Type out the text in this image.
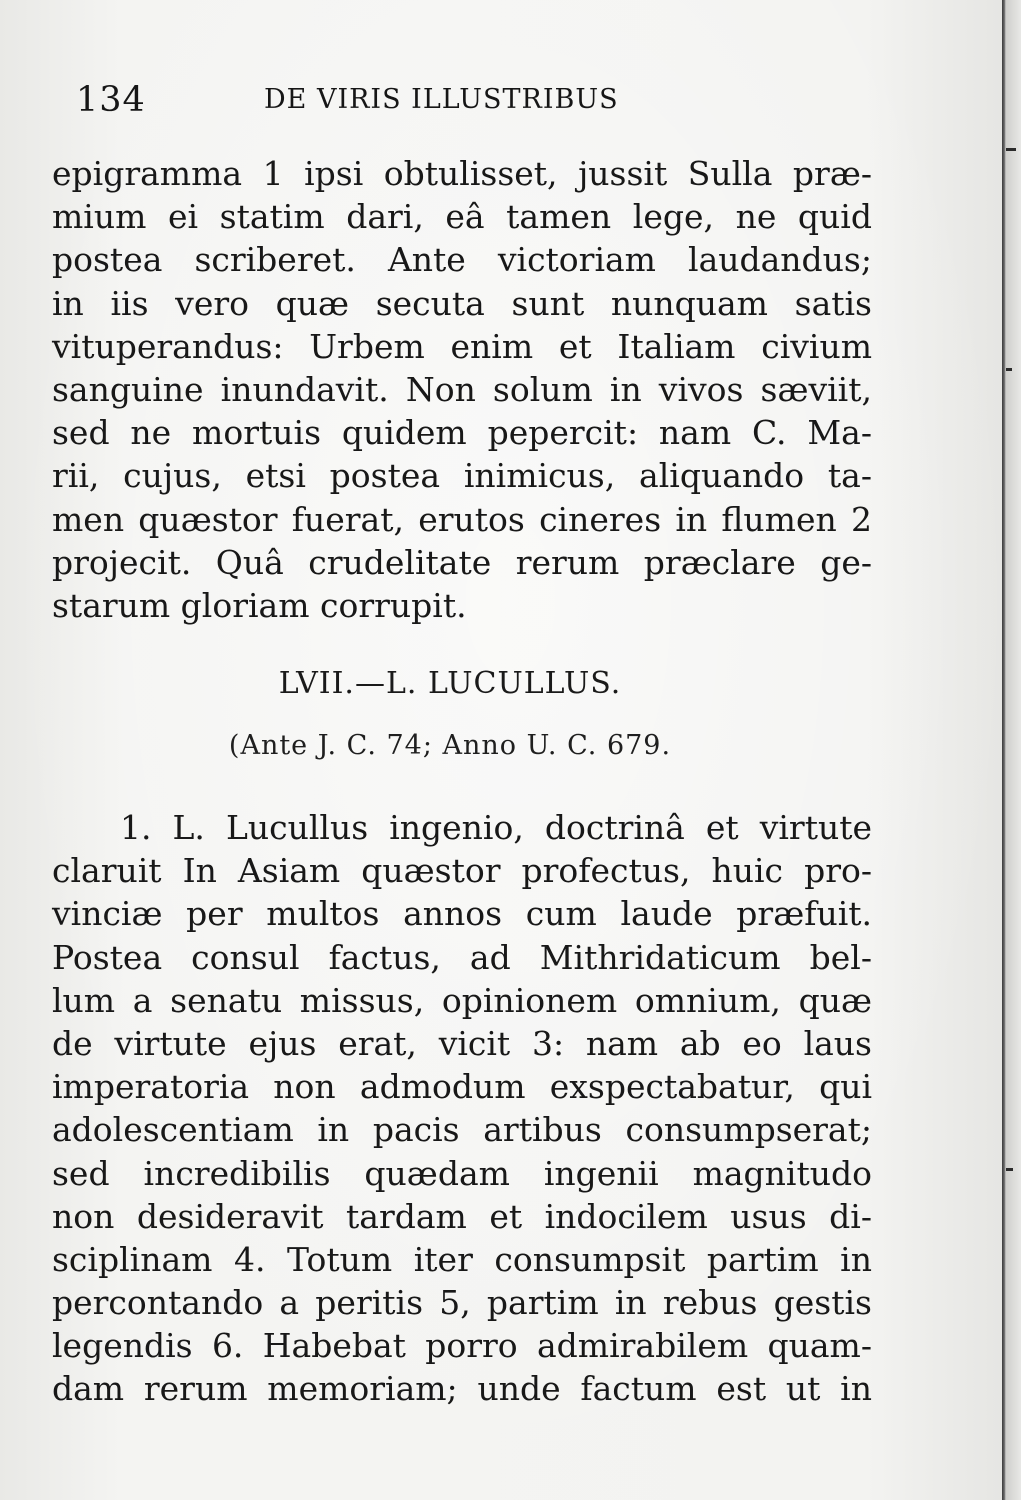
134	DE VIRIS ILLUSTRIBUS
epigramma 1 ipsi obtulisset, jussit Sulla præ-
mium ei statim dari, eâ tamen lege, ne quid
postea scriberet. Ante victoriam laudandus;
in iis vero quæ secuta sunt nunquam satis
vituperandus: Urbem enim et Italiam civium
sanguine inundavit. Non solum in vivos sæviit,
sed ne mortuis quidem pepercit: nam C. Ma-
rii, cujus, etsi postea inimicus, aliquando ta-
men quæstor fuerat, erutos cineres in flumen 2
projecit. Quâ crudelitate rerum præclare ge-
starum gloriam corrupit.
LVII.—L. LUCULLUS.
(Ante J. C. 74; Anno U. C. 679.
1. L. Lucullus ingenio, doctrinâ et virtute
claruit In Asiam quæstor profectus, huic pro-
vinciæ per multos annos cum laude præfuit.
Postea consul factus, ad Mithridaticum bel-
lum a senatu missus, opinionem omnium, quæ
de virtute ejus erat, vicit 3: nam ab eo laus
imperatoria non admodum exspectabatur, qui
adolescentiam in pacis artibus consumpserat;
sed incredibilis quædam ingenii magnitudo
non desideravit tardam et indocilem usus di-
sciplinam 4. Totum iter consumpsit partim in
percontando a peritis 5, partim in rebus gestis
legendis 6. Habebat porro admirabilem quam-
dam rerum memoriam; unde factum est ut in
